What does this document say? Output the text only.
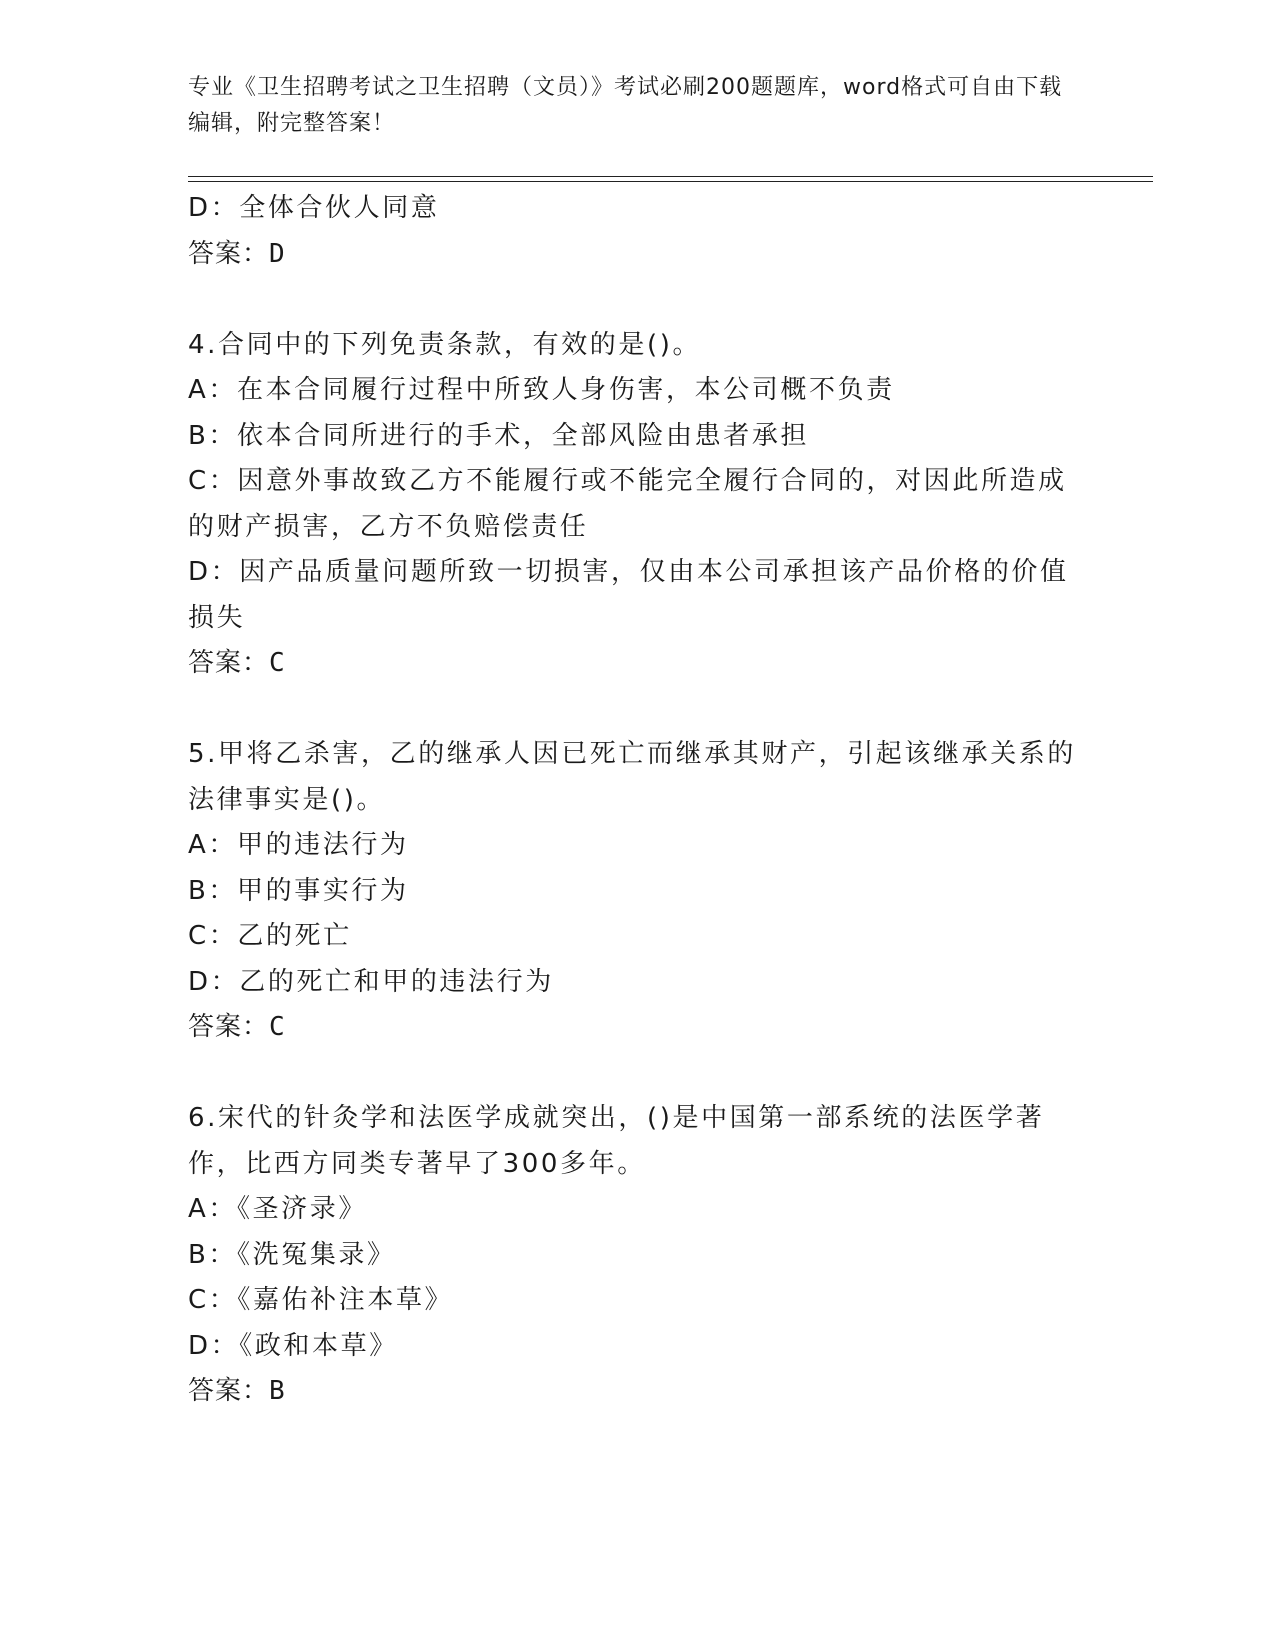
专业《卫生招聘考试之卫生招聘（文员）》考试必刷200题题库，word格式可自由下载编辑，附完整答案！
D：全体合伙人同意
答案：D
4.合同中的下列免责条款，有效的是()。
A：在本合同履行过程中所致人身伤害，本公司概不负责
B：依本合同所进行的手术，全部风险由患者承担
C：因意外事故致乙方不能履行或不能完全履行合同的，对因此所造成的财产损害，乙方不负赔偿责任
D：因产品质量问题所致一切损害，仅由本公司承担该产品价格的价值损失
答案：C
5.甲将乙杀害，乙的继承人因已死亡而继承其财产，引起该继承关系的法律事实是()。
A：甲的违法行为
B：甲的事实行为
C：乙的死亡
D：乙的死亡和甲的违法行为
答案：C
6.宋代的针灸学和法医学成就突出，()是中国第一部系统的法医学著作，比西方同类专著早了300多年。
A：《圣济录》
B：《洗冤集录》
C：《嘉佑补注本草》
D：《政和本草》
答案：B
